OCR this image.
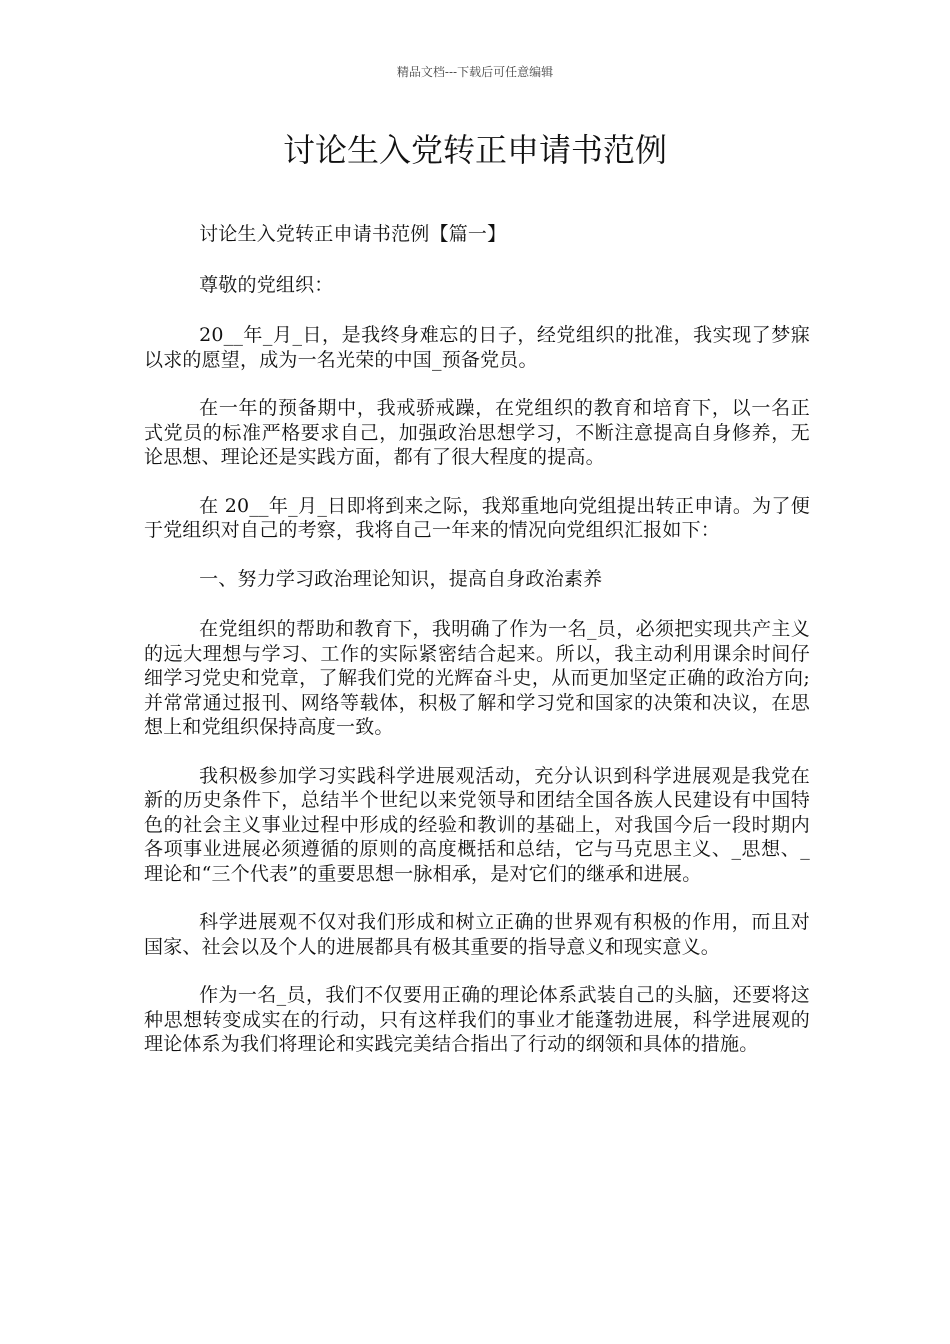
精品文档---下载后可任意编辑
讨论生入党转正申请书范例

讨论生入党转正申请书范例【篇一】

尊敬的党组织：

20__年_月_日，是我终身难忘的日子，经党组织的批准，我实现了梦寐以求的愿望，成为一名光荣的中国_预备党员。

在一年的预备期中，我戒骄戒躁，在党组织的教育和培育下，以一名正式党员的标准严格要求自己，加强政治思想学习，不断注意提高自身修养，无论思想、理论还是实践方面，都有了很大程度的提高。

在 20__年_月_日即将到来之际，我郑重地向党组提出转正申请。为了便于党组织对自己的考察，我将自己一年来的情况向党组织汇报如下：

一、努力学习政治理论知识，提高自身政治素养

在党组织的帮助和教育下，我明确了作为一名_员，必须把实现共产主义的远大理想与学习、工作的实际紧密结合起来。所以，我主动利用课余时间仔细学习党史和党章，了解我们党的光辉奋斗史，从而更加坚定正确的政治方向;并常常通过报刊、网络等载体，积极了解和学习党和国家的决策和决议，在思想上和党组织保持高度一致。

我积极参加学习实践科学进展观活动，充分认识到科学进展观是我党在新的历史条件下，总结半个世纪以来党领导和团结全国各族人民建设有中国特色的社会主义事业过程中形成的经验和教训的基础上，对我国今后一段时期内各项事业进展必须遵循的原则的高度概括和总结，它与马克思主义、_思想、_理论和“三个代表”的重要思想一脉相承，是对它们的继承和进展。

科学进展观不仅对我们形成和树立正确的世界观有积极的作用，而且对国家、社会以及个人的进展都具有极其重要的指导意义和现实意义。

作为一名_员，我们不仅要用正确的理论体系武装自己的头脑，还要将这种思想转变成实在的行动，只有这样我们的事业才能蓬勃进展，科学进展观的理论体系为我们将理论和实践完美结合指出了行动的纲领和具体的措施。
